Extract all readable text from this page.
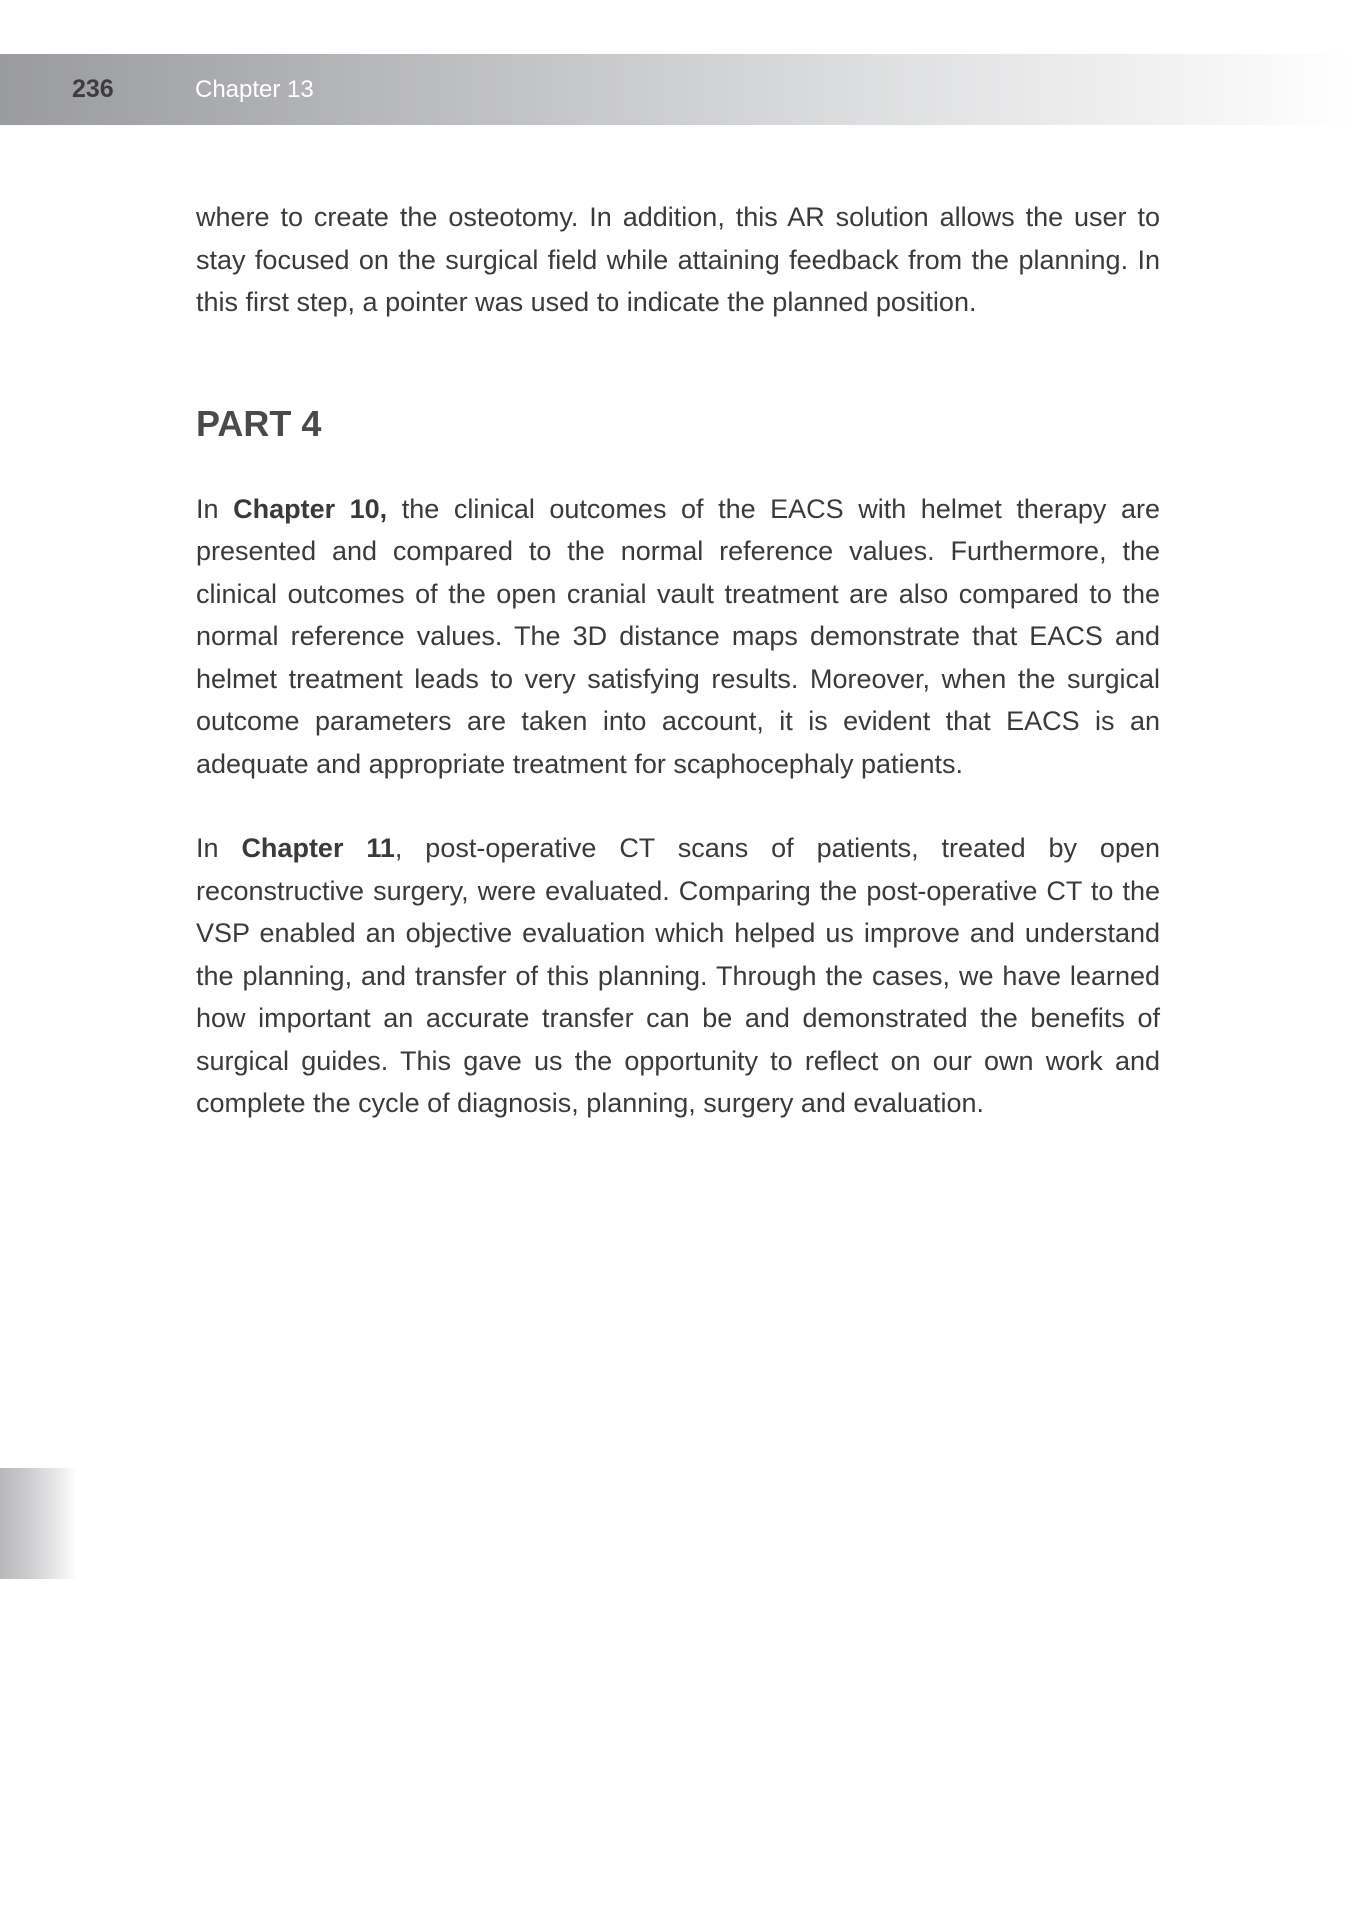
236	Chapter 13

where to create the osteotomy. In addition, this AR solution allows the user to stay focused on the surgical field while attaining feedback from the planning. In this first step, a pointer was used to indicate the planned position.

PART 4

In Chapter 10, the clinical outcomes of the EACS with helmet therapy are presented and compared to the normal reference values. Furthermore, the clinical outcomes of the open cranial vault treatment are also compared to the normal reference values. The 3D distance maps demonstrate that EACS and helmet treatment leads to very satisfying results. Moreover, when the surgical outcome parameters are taken into account, it is evident that EACS is an adequate and appropriate treatment for scaphocephaly patients.

In Chapter 11, post-operative CT scans of patients, treated by open reconstructive surgery, were evaluated. Comparing the post-operative CT to the VSP enabled an objective evaluation which helped us improve and understand the planning, and transfer of this planning. Through the cases, we have learned how important an accurate transfer can be and demonstrated the benefits of surgical guides. This gave us the opportunity to reflect on our own work and complete the cycle of diagnosis, planning, surgery and evaluation.
